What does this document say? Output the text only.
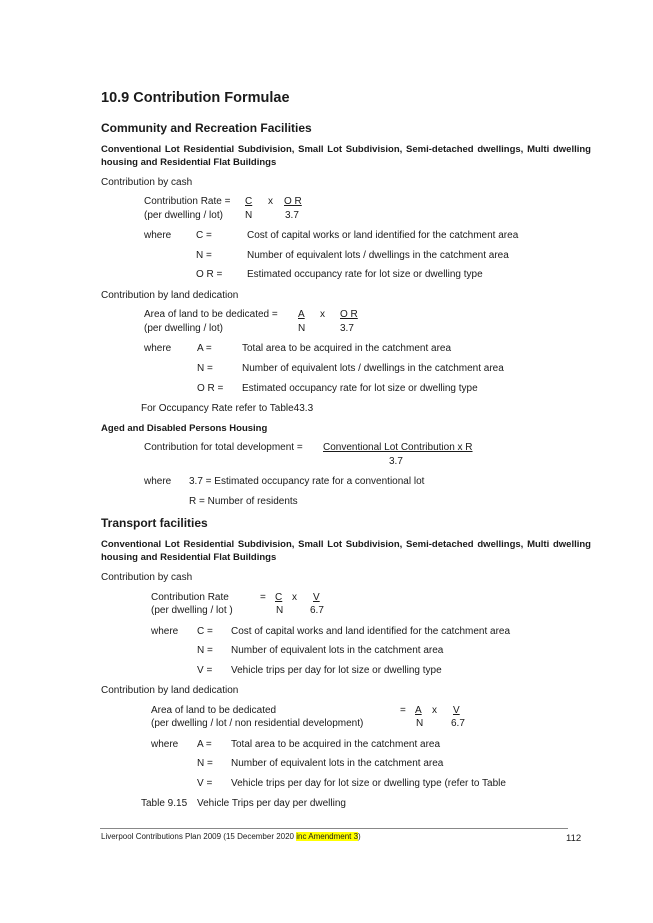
10.9 Contribution Formulae
Community and Recreation Facilities
Conventional Lot Residential Subdivision, Small Lot Subdivision, Semi-detached dwellings, Multi dwelling
housing and Residential Flat Buildings
Contribution by cash
Contribution Rate = C x O R
(per dwelling / lot) N	3.7
where C =	Cost of capital works or land identified for the catchment area
N =	Number of equivalent lots / dwellings in the catchment area
O R = Estimated occupancy rate for lot size or dwelling type
Contribution by land dedication
Area of land to be dedicated = A x O R
(per dwelling / lot)	N	3.7
where	A =	Total area to be acquired in the catchment area
N =	Number of equivalent lots / dwellings in the catchment area
O R = Estimated occupancy rate for lot size or dwelling type
For Occupancy Rate refer to Table43.3
Aged and Disabled Persons Housing
Contribution for total development = Conventional Lot Contribution x R
3.7
where 3.7 = Estimated occupancy rate for a conventional lot
R = Number of residents
Transport facilities
Conventional Lot Residential Subdivision, Small Lot Subdivision, Semi-detached dwellings, Multi dwelling
housing and Residential Flat Buildings
Contribution by cash
Contribution Rate	= C x V
(per dwelling / lot )	N	6.7
where C = Cost of capital works and land identified for the catchment area
N = Number of equivalent lots in the catchment area
V = Vehicle trips per day for lot size or dwelling type
Contribution by land dedication
Area of land to be dedicated	= A x V
(per dwelling / lot / non residential development)	N	6.7
where A = Total area to be acquired in the catchment area
N = Number of equivalent lots in the catchment area
V = Vehicle trips per day for lot size or dwelling type (refer to Table
Table 9.15 Vehicle Trips per day per dwelling
Liverpool Contributions Plan 2009 (15 December 2020 inc Amendment 3)	112
